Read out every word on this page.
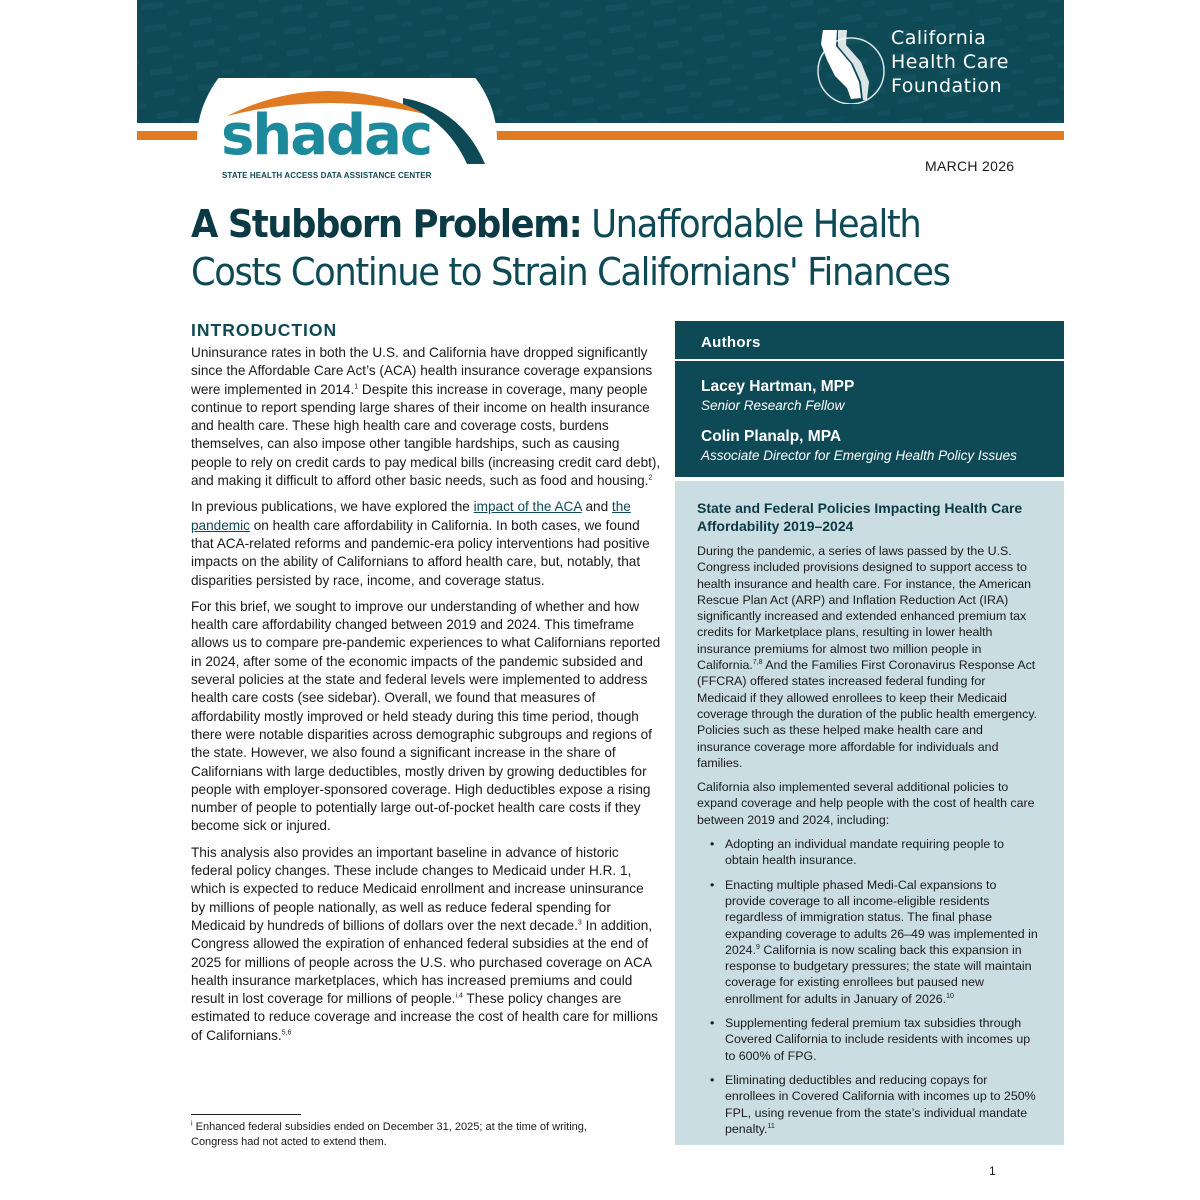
California
Health Care
Foundation
shadac
STATE HEALTH ACCESS DATA ASSISTANCE CENTER
MARCH 2026
A Stubborn Problem: Unaffordable Health Costs Continue to Strain Californians' Finances
INTRODUCTION

Uninsurance rates in both the U.S. and California have dropped significantly since the Affordable Care Act’s (ACA) health insurance coverage expansions were implemented in 2014.$^1$ Despite this increase in coverage, many people continue to report spending large shares of their income on health insurance and health care. These high health care and coverage costs, burdens themselves, can also impose other tangible hardships, such as causing people to rely on credit cards to pay medical bills (increasing credit card debt), and making it difficult to afford other basic needs, such as food and housing.$^2$

In previous publications, we have explored the impact of the ACA and the pandemic on health care affordability in California. In both cases, we found that ACA-related reforms and pandemic-era policy interventions had positive impacts on the ability of Californians to afford health care, but, notably, that disparities persisted by race, income, and coverage status.

For this brief, we sought to improve our understanding of whether and how health care affordability changed between 2019 and 2024. This timeframe allows us to compare pre-pandemic experiences to what Californians reported in 2024, after some of the economic impacts of the pandemic subsided and several policies at the state and federal levels were implemented to address health care costs (see sidebar). Overall, we found that measures of affordability mostly improved or held steady during this time period, though there were notable disparities across demographic subgroups and regions of the state. However, we also found a significant increase in the share of Californians with large deductibles, mostly driven by growing deductibles for people with employer-sponsored coverage. High deductibles expose a rising number of people to potentially large out-of-pocket health care costs if they become sick or injured.

This analysis also provides an important baseline in advance of historic federal policy changes. These include changes to Medicaid under H.R. 1, which is expected to reduce Medicaid enrollment and increase uninsurance by millions of people nationally, as well as reduce federal spending for Medicaid by hundreds of billions of dollars over the next decade.$^3$ In addition, Congress allowed the expiration of enhanced federal subsidies at the end of 2025 for millions of people across the U.S. who purchased coverage on ACA health insurance marketplaces, which has increased premiums and could result in lost coverage for millions of people.$^{i,4}$ These policy changes are estimated to reduce coverage and increase the cost of health care for millions of Californians.$^{5,6}$

$^i$ Enhanced federal subsidies ended on December 31, 2025; at the time of writing, Congress had not acted to extend them.
Authors
Lacey Hartman, MPP
Senior Research Fellow
Colin Planalp, MPA
Associate Director for Emerging Health Policy Issues
State and Federal Policies Impacting Health Care Affordability 2019–2024

During the pandemic, a series of laws passed by the U.S. Congress included provisions designed to support access to health insurance and health care. For instance, the American Rescue Plan Act (ARP) and Inflation Reduction Act (IRA) significantly increased and extended enhanced premium tax credits for Marketplace plans, resulting in lower health insurance premiums for almost two million people in California.$^{7,8}$ And the Families First Coronavirus Response Act (FFCRA) offered states increased federal funding for Medicaid if they allowed enrollees to keep their Medicaid coverage through the duration of the public health emergency. Policies such as these helped make health care and insurance coverage more affordable for individuals and families.

California also implemented several additional policies to expand coverage and help people with the cost of health care between 2019 and 2024, including:

• Adopting an individual mandate requiring people to obtain health insurance.
• Enacting multiple phased Medi-Cal expansions to provide coverage to all income-eligible residents regardless of immigration status. The final phase expanding coverage to adults 26–49 was implemented in 2024.$^9$ California is now scaling back this expansion in response to budgetary pressures; the state will maintain coverage for existing enrollees but paused new enrollment for adults in January of 2026.10
• Supplementing federal premium tax subsidies through Covered California to include residents with incomes up to 600% of FPG.
• Eliminating deductibles and reducing copays for enrollees in Covered California with incomes up to 250% FPL, using revenue from the state’s individual mandate penalty.$^{11}$
1
